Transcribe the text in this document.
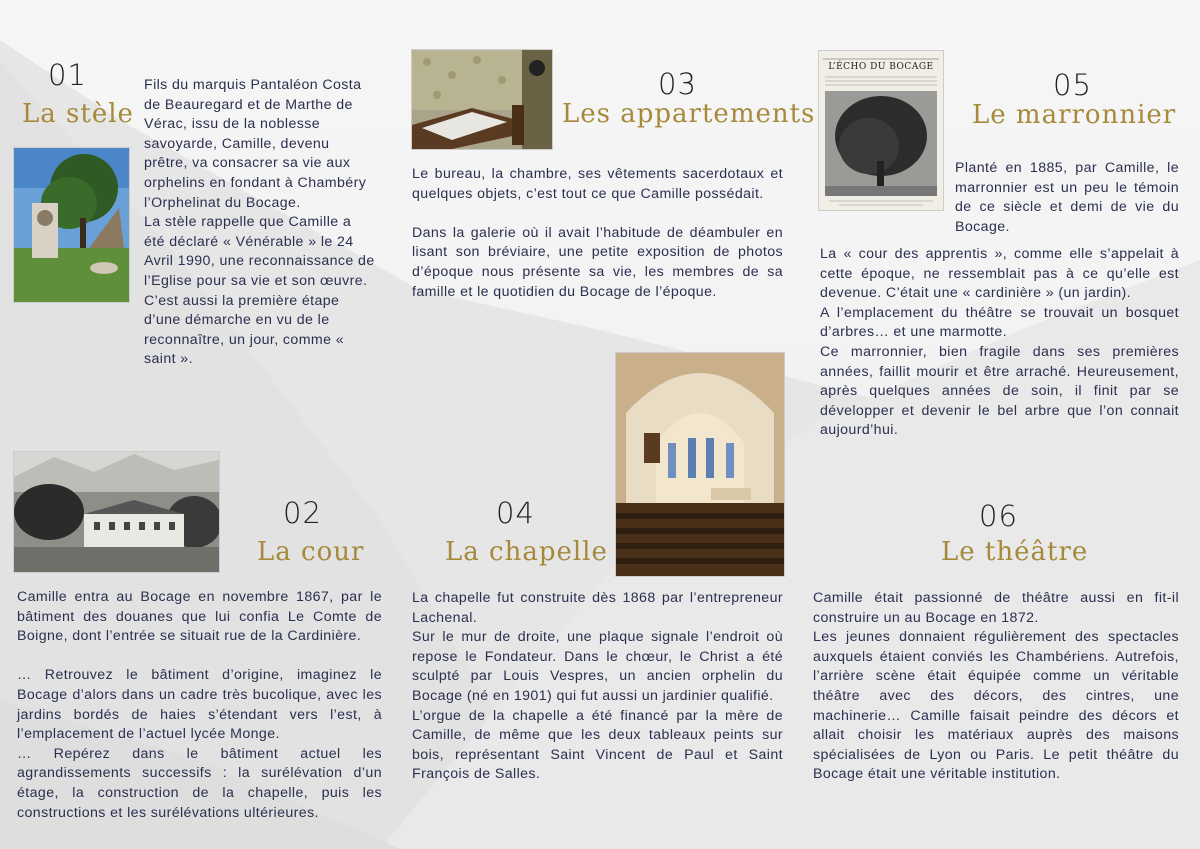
01
La stèle

Fils du marquis Pantaléon Costa de Beauregard et de Marthe de Vérac, issu de la noblesse savoyarde, Camille, devenu prêtre, va consacrer sa vie aux orphelins en fondant à Chambéry l’Orphelinat du Bocage.

La stèle rappelle que Camille a été déclaré « Vénérable » le 24 Avril 1990, une reconnaissance de l’Eglise pour sa vie et son œuvre. C’est aussi la première étape d’une démarche en vu de le reconnaître, un jour, comme « saint ».

03
Les appartements

Le bureau, la chambre, ses vêtements sacerdotaux et quelques objets, c’est tout ce que Camille possédait.

Dans la galerie où il avait l’habitude de déambuler en lisant son bréviaire, une petite exposition de photos d’époque nous présente sa vie, les membres de sa famille et le quotidien du Bocage de l’époque.

L’ÉCHO DU BOCAGE
05
Le marronnier
Planté en 1885, par Camille, le marronnier est un peu le témoin de ce siècle et demi de vie du Bocage.

La « cour des apprentis », comme elle s’appelait à cette époque, ne ressemblait pas à ce qu’elle est devenue. C’était une « cardinière » (un jardin).

A l’emplacement du théâtre se trouvait un bosquet d’arbres… et une marmotte.

Ce marronnier, bien fragile dans ses premières années, faillit mourir et être arraché. Heureusement, après quelques années de soin, il finit par se développer et devenir le bel arbre que l’on connait aujourd’hui.

02
La cour

Camille entra au Bocage en novembre 1867, par le bâtiment des douanes que lui confia Le Comte de Boigne, dont l’entrée se situait rue de la Cardinière.

… Retrouvez le bâtiment d’origine, imaginez le Bocage d’alors dans un cadre très bucolique, avec les jardins bordés de haies s’étendant vers l’est, à l’emplacement de l’actuel lycée Monge.

… Repérez dans le bâtiment actuel les agrandissements successifs : la surélévation d’un étage, la construction de la chapelle, puis les constructions et les surélévations ultérieures.

04
La chapelle

La chapelle fut construite dès 1868 par l’entrepreneur Lachenal.

Sur le mur de droite, une plaque signale l’endroit où repose le Fondateur. Dans le chœur, le Christ a été sculpté par Louis Vespres, un ancien orphelin du Bocage (né en 1901) qui fut aussi un jardinier qualifié.

L’orgue de la chapelle a été financé par la mère de Camille, de même que les deux tableaux peints sur bois, représentant Saint Vincent de Paul et Saint François de Salles.

06
Le théâtre

Camille était passionné de théâtre aussi en fit-il construire un au Bocage en 1872.

Les jeunes donnaient régulièrement des spectacles auxquels étaient conviés les Chambériens. Autrefois, l’arrière scène était équipée comme un véritable théâtre avec des décors, des cintres, une machinerie… Camille faisait peindre des décors et allait choisir les matériaux auprès des maisons spécialisées de Lyon ou Paris. Le petit théâtre du Bocage était une véritable institution.
